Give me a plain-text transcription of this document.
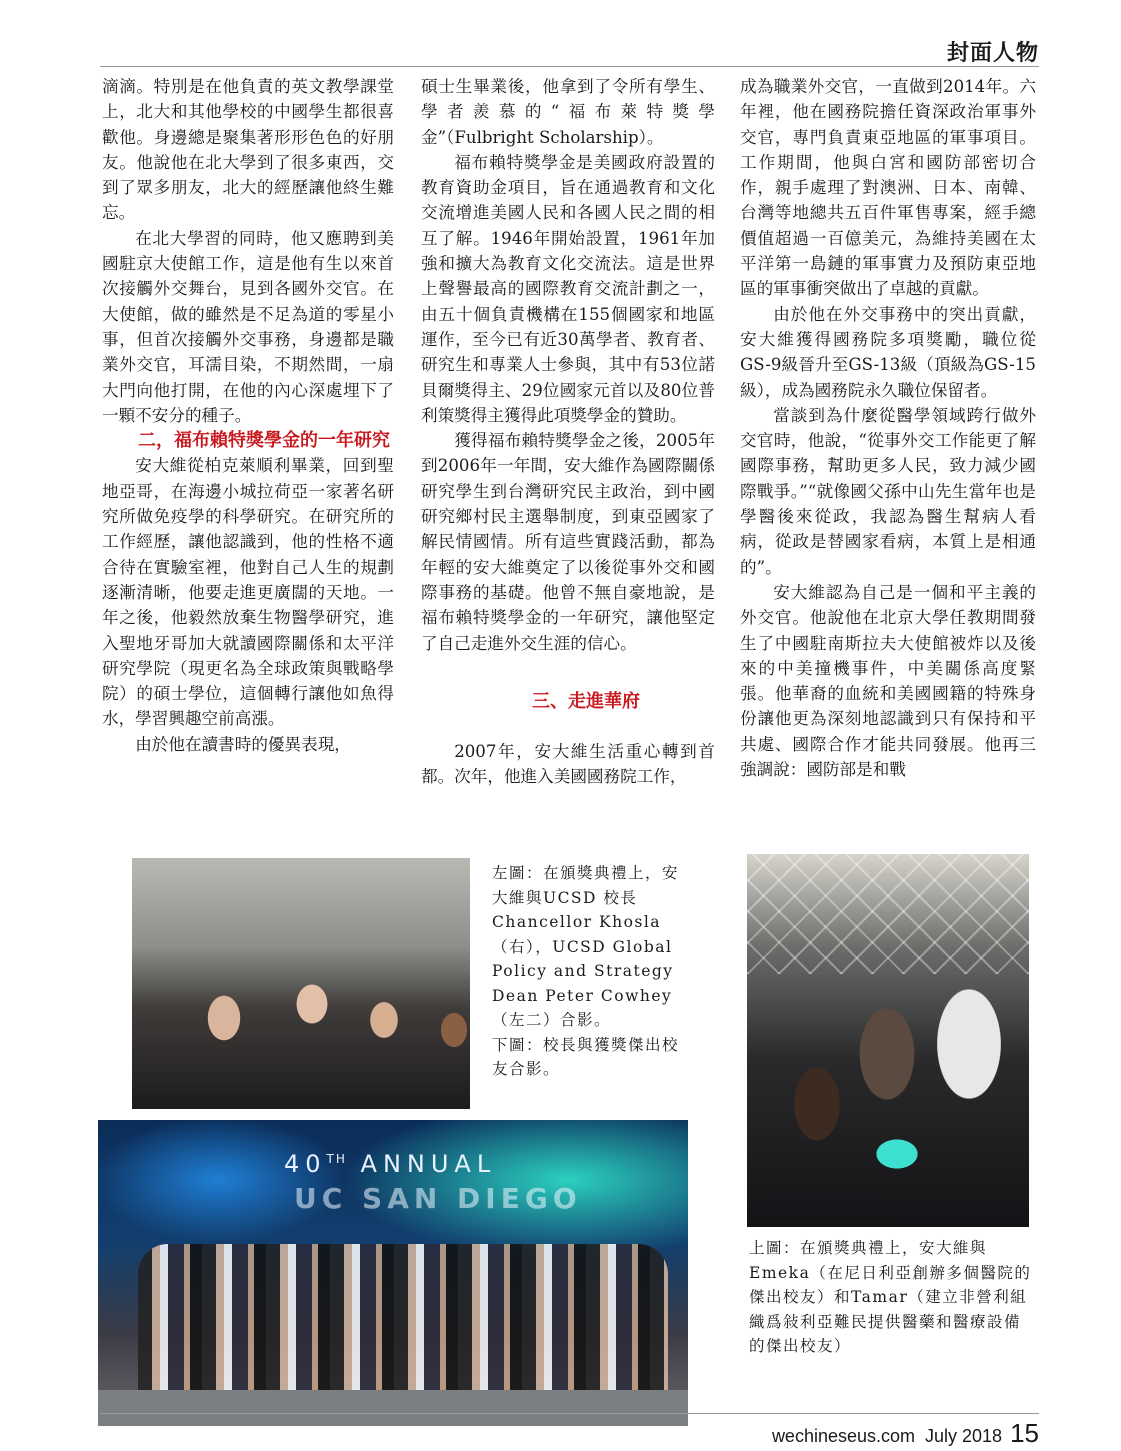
封面人物

滴滴。特別是在他負責的英文教學課堂上，北大和其他學校的中國學生都很喜歡他。身邊總是聚集著形形色色的好朋友。他說他在北大學到了很多東西，交到了眾多朋友，北大的經歷讓他終生難忘。

在北大學習的同時，他又應聘到美國駐京大使館工作，這是他有生以來首次接觸外交舞台，見到各國外交官。在大使館，做的雖然是不足為道的零星小事，但首次接觸外交事務，身邊都是職業外交官，耳濡目染，不期然間，一扇大門向他打開，在他的內心深處埋下了一顆不安分的種子。

二，福布賴特獎學金的一年研究

安大維從柏克萊順利畢業，回到聖地亞哥，在海邊小城拉荷亞一家著名研究所做免疫學的科學研究。在研究所的工作經歷，讓他認識到，他的性格不適合待在實驗室裡，他對自己人生的規劃逐漸清晰，他要走進更廣闊的天地。一年之後，他毅然放棄生物醫學研究，進入聖地牙哥加大就讀國際關係和太平洋研究學院（現更名為全球政策與戰略學院）的碩士學位，這個轉行讓他如魚得水，學習興趣空前高漲。

由於他在讀書時的優異表現，

碩士生畢業後，他拿到了令所有學生、學者羨慕的“福布萊特獎學金”（Fulbright Scholarship）。

福布賴特獎學金是美國政府設置的教育資助金項目，旨在通過教育和文化交流增進美國人民和各國人民之間的相互了解。1946年開始設置，1961年加強和擴大為教育文化交流法。這是世界上聲譽最高的國際教育交流計劃之一，由五十個負責機構在155個國家和地區運作，至今已有近30萬學者、教育者、研究生和專業人士參與，其中有53位諾貝爾獎得主、29位國家元首以及80位普利策獎得主獲得此項獎學金的贊助。

獲得福布賴特獎學金之後，2005年到2006年一年間，安大維作為國際關係研究學生到台灣研究民主政治，到中國研究鄉村民主選舉制度，到東亞國家了解民情國情。所有這些實踐活動，都為年輕的安大維奠定了以後從事外交和國際事務的基礎。他曾不無自豪地說，是福布賴特獎學金的一年研究，讓他堅定了自己走進外交生涯的信心。

三、走進華府

2007年，安大維生活重心轉到首都。次年，他進入美國國務院工作，

成為職業外交官，一直做到2014年。六年裡，他在國務院擔任資深政治軍事外交官，專門負責東亞地區的軍事項目。工作期間，他與白宮和國防部密切合作，親手處理了對澳洲、日本、南韓、台灣等地總共五百件軍售專案，經手總價值超過一百億美元，為維持美國在太平洋第一島鏈的軍事實力及預防東亞地區的軍事衝突做出了卓越的貢獻。

由於他在外交事務中的突出貢獻，安大維獲得國務院多項獎勵，職位從GS-9級晉升至GS-13級（頂級為GS-15級），成為國務院永久職位保留者。

當談到為什麼從醫學領域跨行做外交官時，他說，“從事外交工作能更了解國際事務，幫助更多人民，致力減少國際戰爭。”“就像國父孫中山先生當年也是學醫後來從政，我認為醫生幫病人看病，從政是替國家看病，本質上是相通的”。

安大維認為自己是一個和平主義的外交官。他說他在北京大學任教期間發生了中國駐南斯拉夫大使館被炸以及後來的中美撞機事件，中美關係高度緊張。他華裔的血統和美國國籍的特殊身份讓他更為深刻地認識到只有保持和平共處、國際合作才能共同發展。他再三強調說：國防部是和戰

左圖：在頒獎典禮上，安大維與UCSD 校長Chancellor Khosla（右），UCSD Global Policy and Strategy Dean Peter Cowhey（左二）合影。

下圖：校長與獲獎傑出校友合影。

40TH ANNUAL
UC SAN DIEGO

上圖：在頒獎典禮上，安大維與Emeka（在尼日利亞創辦多個醫院的傑出校友）和Tamar（建立非營利組織爲敍利亞難民提供醫藥和醫療設備的傑出校友）

wechineseus.com July 2018 15
